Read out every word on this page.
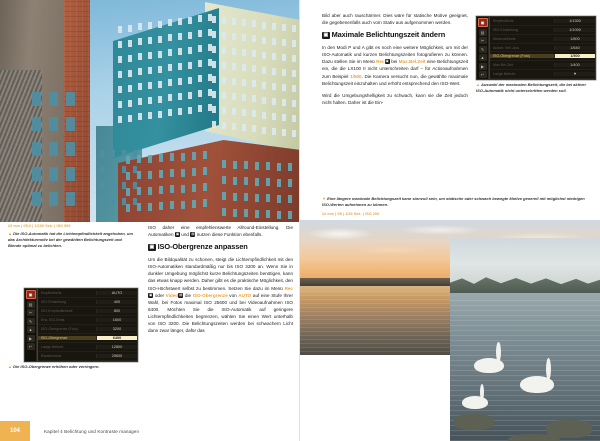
24 mm | f/5.6 | 1/100 Sek. | ISO 500
▲ Die ISO-Automatik hat die Lichtempfindlichkeit angehoben, um das Architekturmotiv bei der gewählten Belichtungszeit und Blende optimal zu belichten.
▣
▤
✂
✎
▲
▶
↩
Empfindlichk.	AUTO
ISO-Einstellung	400
ISO-Empfindlichkeit	800
Erw. ISO-Einst.	1600
ISO-Obergrenze (Foto)	3200
ISO-Obergrenze	6400
Lange Belicht.	12800
Rauschmind.	25600
▲ Die ISO-Obergrenze erhöhen oder verringern.

ISO daher eine empfehlenswerte Allround-Einstellung. Die Automatiken ▣ und ▤ nutzen diese Funktion ebenfalls.

▣ ISO-Obergrenze anpassen

Um die Bildqualität zu schonen, steigt die Lichtempfindlichkeit mit den ISO-Automatiken standardmäßig nur bis ISO 3200 an. Wenn Sie in dunkler Umgebung möglichst kurze Belichtungszeiten benötigen, kann das etwas knapp werden. Daher gibt es die praktische Möglichkeit, den ISO-Höchstwert selbst zu bestimmen. Setzen Sie dazu im Menü Rec▣ oder Video▤ die ISO-Obergrenze von AUTO auf eine Stufe Ihrer Wahl, bei Fotos maximal ISO 25600 und bei Videoaufnahmen ISO 6400. Möchten Sie die ISO-Automatik auf geringere Lichtempfindlichkeiten begrenzen, wählen Sie einen Wert unterhalb von ISO 3200. Die Belichtungszeiten werden bei schwachem Licht dann zwar länger, dafür das

104	Kapitel 4 Belichtung und Kontraste managen

Bild aber auch rauschärmer. Dies wäre für statische Motive geeignet, die gegebenenfalls auch vom Stativ aus aufgenommen werden.

▣ Maximale Belichtungszeit ändern

In den Modi P und A gibt es noch eine weitere Möglichkeit, um mit der ISO-Automatik und kurzen Belichtungszeiten fotografieren zu können. Dazu stellen Sie im Menü Rec▣ bei Max.Bel.Zeit eine Belichtungszeit ein, die die LX100 II nicht unterschreiten darf – für Actionaufnahmen zum Beispiel 1/500. Die Kamera versucht nun, die gewählte maximale Belichtungszeit einzuhalten und erhöht entsprechend den ISO-Wert.

Wird die Umgebungshelligkeit zu schwach, kann sie die Zeit jedoch nicht halten. Daher ist die Ein-

▣
▤
✂
✎
▲
▶
↩
Empfindlichk.	1/1300
ISO-Einstellung	1/1000
Messmethode	1/800
Autom. Bel.-Aus.	1/640
ISO-Obergrenze (Foto)	1/500
Max.Bel.Zeit	1/400
Lange Belicht.	▼
▲ Auswahl der maximalen Belichtungszeit, die bei aktiver ISO-Automatik nicht unterschritten werden soll.
▼ Eine längere maximale Belichtungszeit kann sinnvoll sein, um statische oder schwach bewegte Motive generell mit möglichst niedrigen ISO-Werten aufnehmen zu können.
12 mm | f/8 | 1/30 Sek. | ISO 200
